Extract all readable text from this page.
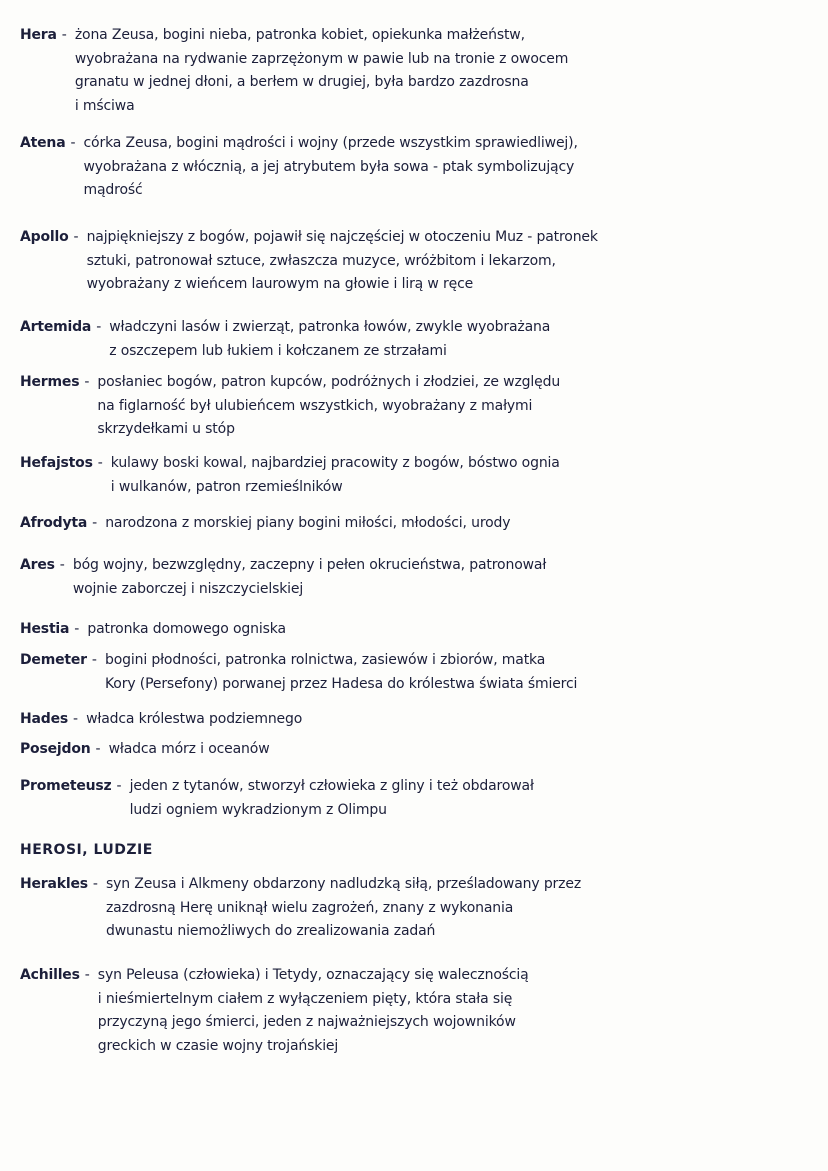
HEROSI, LUDZIE
Hera - żona Zeusa, bogini nieba, patronka kobiet, opiekunka małżeństw,
wyobrażana na rydwanie zaprzężonym w pawie lub na tronie z owocem
granatu w jednej dłoni, a berłem w drugiej, była bardzo zazdrosna
i mściwa
Atena - córka Zeusa, bogini mądrości i wojny (przede wszystkim sprawiedliwej),
wyobrażana z włócznią, a jej atrybutem była sowa - ptak symbolizujący
mądrość
Apollo - najpiękniejszy z bogów, pojawił się najczęściej w otoczeniu Muz - patronek
sztuki, patronował sztuce, zwłaszcza muzyce, wróżbitom i lekarzom,
wyobrażany z wieńcem laurowym na głowie i lirą w ręce
Artemida - władczyni lasów i zwierząt, patronka łowów, zwykle wyobrażana
z oszczepem lub łukiem i kołczanem ze strzałami
Hermes - posłaniec bogów, patron kupców, podróżnych i złodziei, ze względu
na figlarność był ulubieńcem wszystkich, wyobrażany z małymi
skrzydełkami u stóp
Hefajstos - kulawy boski kowal, najbardziej pracowity z bogów, bóstwo ognia
i wulkanów, patron rzemieślników
Afrodyta - narodzona z morskiej piany bogini miłości, młodości, urody
Ares - bóg wojny, bezwzględny, zaczepny i pełen okrucieństwa, patronował
wojnie zaborczej i niszczycielskiej
Hestia - patronka domowego ogniska
Demeter - bogini płodności, patronka rolnictwa, zasiewów i zbiorów, matka
Kory (Persefony) porwanej przez Hadesa do królestwa świata śmierci
Hades - władca królestwa podziemnego
Posejdon - władca mórz i oceanów
Prometeusz - jeden z tytanów, stworzył człowieka z gliny i też obdarował
ludzi ogniem wykradzionym z Olimpu
Herakles - syn Zeusa i Alkmeny obdarzony nadludzką siłą, prześladowany przez
zazdrosną Herę uniknął wielu zagrożeń, znany z wykonania
dwunastu niemożliwych do zrealizowania zadań
Achilles - syn Peleusa (człowieka) i Tetydy, oznaczający się walecznością
i nieśmiertelnym ciałem z wyłączeniem pięty, która stała się
przyczyną jego śmierci, jeden z najważniejszych wojowników
greckich w czasie wojny trojańskiej
